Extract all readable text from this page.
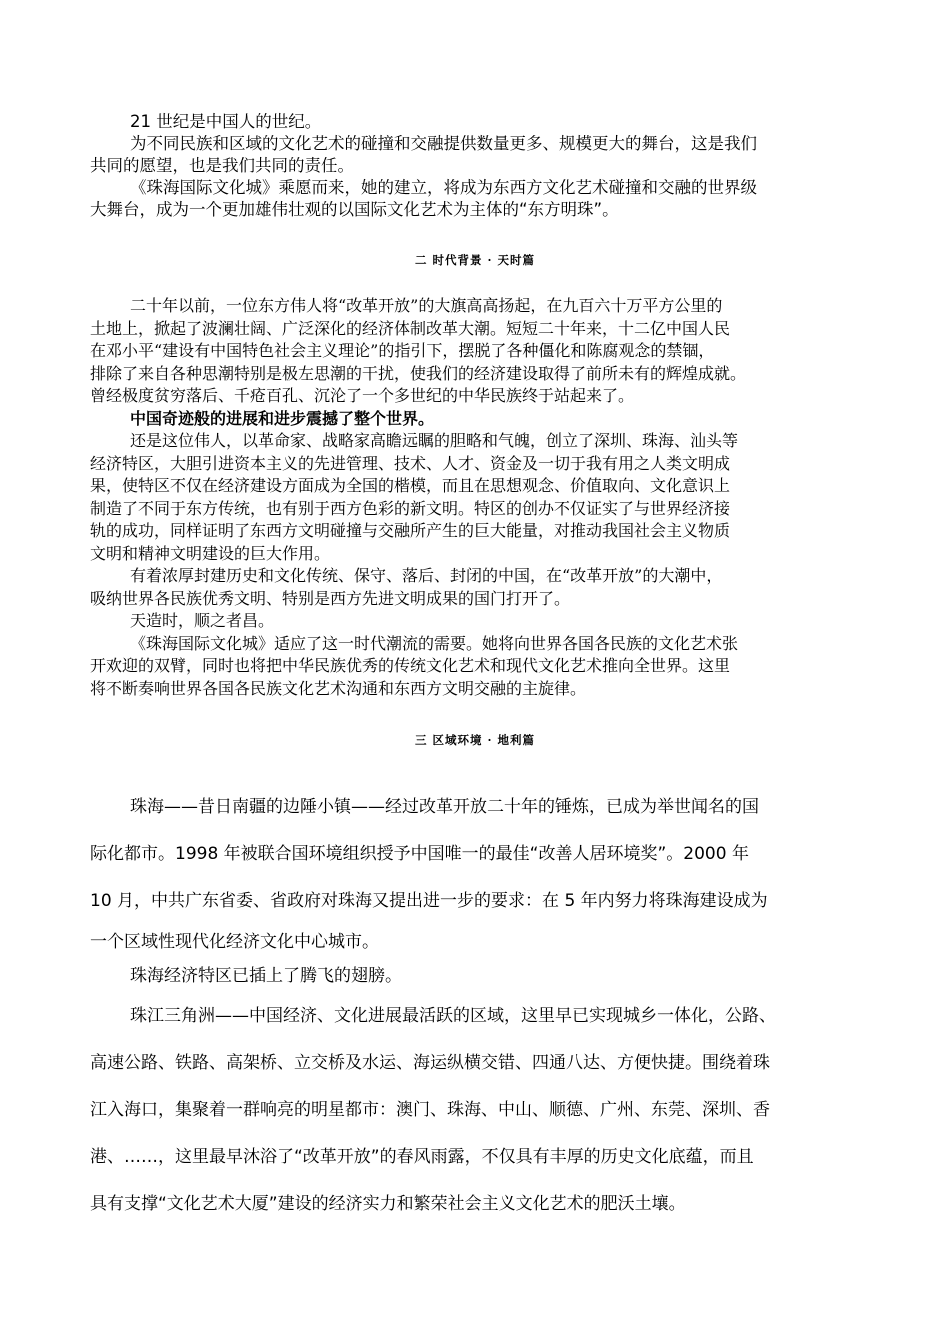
21 世纪是中国人的世纪。
为不同民族和区域的文化艺术的碰撞和交融提供数量更多、规模更大的舞台，这是我们
共同的愿望，也是我们共同的责任。
《珠海国际文化城》乘愿而来，她的建立，将成为东西方文化艺术碰撞和交融的世界级
大舞台，成为一个更加雄伟壮观的以国际文化艺术为主体的“东方明珠”。
二 时代背景 · 天时篇
二十年以前，一位东方伟人将“改革开放”的大旗高高扬起，在九百六十万平方公里的
土地上，掀起了波澜壮阔、广泛深化的经济体制改革大潮。短短二十年来，十二亿中国人民
在邓小平“建设有中国特色社会主义理论”的指引下，摆脱了各种僵化和陈腐观念的禁锢，
排除了来自各种思潮特别是极左思潮的干扰，使我们的经济建设取得了前所未有的辉煌成就。
曾经极度贫穷落后、千疮百孔、沉沦了一个多世纪的中华民族终于站起来了。
中国奇迹般的进展和进步震撼了整个世界。
还是这位伟人，以革命家、战略家高瞻远瞩的胆略和气魄，创立了深圳、珠海、汕头等
经济特区，大胆引进资本主义的先进管理、技术、人才、资金及一切于我有用之人类文明成
果，使特区不仅在经济建设方面成为全国的楷模，而且在思想观念、价值取向、文化意识上
制造了不同于东方传统，也有别于西方色彩的新文明。特区的创办不仅证实了与世界经济接
轨的成功，同样证明了东西方文明碰撞与交融所产生的巨大能量，对推动我国社会主义物质
文明和精神文明建设的巨大作用。
有着浓厚封建历史和文化传统、保守、落后、封闭的中国，在“改革开放”的大潮中，
吸纳世界各民族优秀文明、特别是西方先进文明成果的国门打开了。
天造时，顺之者昌。
《珠海国际文化城》适应了这一时代潮流的需要。她将向世界各国各民族的文化艺术张
开欢迎的双臂，同时也将把中华民族优秀的传统文化艺术和现代文化艺术推向全世界。这里
将不断奏响世界各国各民族文化艺术沟通和东西方文明交融的主旋律。
三 区域环境 · 地利篇
珠海——昔日南疆的边陲小镇——经过改革开放二十年的锤炼，已成为举世闻名的国
际化都市。1998 年被联合国环境组织授予中国唯一的最佳“改善人居环境奖”。2000 年
10 月，中共广东省委、省政府对珠海又提出进一步的要求：在 5 年内努力将珠海建设成为
一个区域性现代化经济文化中心城市。
珠海经济特区已插上了腾飞的翅膀。
珠江三角洲——中国经济、文化进展最活跃的区域，这里早已实现城乡一体化，公路、
高速公路、铁路、高架桥、立交桥及水运、海运纵横交错、四通八达、方便快捷。围绕着珠
江入海口，集聚着一群响亮的明星都市：澳门、珠海、中山、顺德、广州、东莞、深圳、香
港、……，这里最早沐浴了“改革开放”的春风雨露，不仅具有丰厚的历史文化底蕴，而且
具有支撑“文化艺术大厦”建设的经济实力和繁荣社会主义文化艺术的肥沃土壤。
